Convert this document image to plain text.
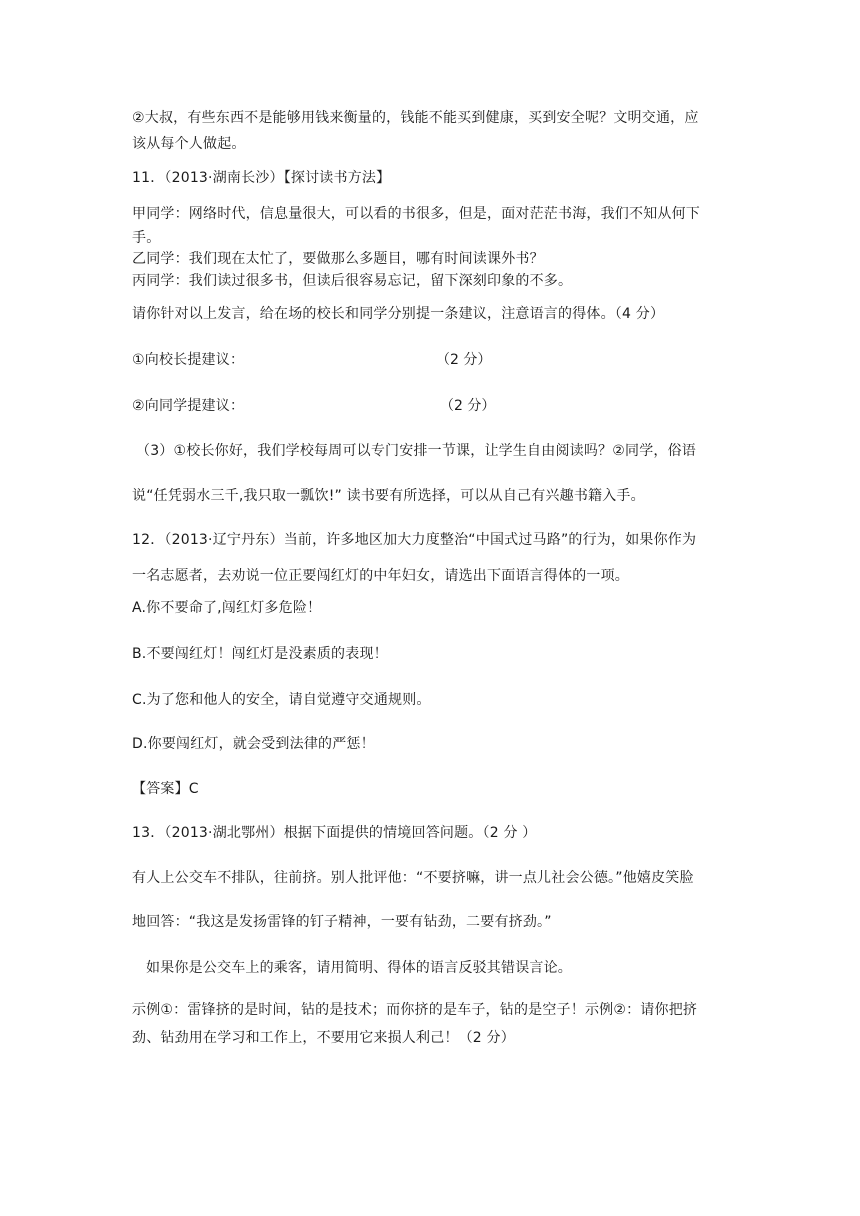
②大叔，有些东西不是能够用钱来衡量的，钱能不能买到健康，买到安全呢？文明交通，应
该从每个人做起。
11．（2013·湖南长沙）【探讨读书方法】
甲同学：网络时代，信息量很大，可以看的书很多，但是，面对茫茫书海，我们不知从何下
手。
乙同学：我们现在太忙了，要做那么多题目，哪有时间读课外书？
丙同学：我们读过很多书，但读后很容易忘记，留下深刻印象的不多。
请你针对以上发言，给在场的校长和同学分别提一条建议，注意语言的得体。（4 分）
①向校长提建议：	（2 分）
②向同学提建议：	（2 分）
（3）①校长你好，我们学校每周可以专门安排一节课，让学生自由阅读吗？②同学，俗语
说“任凭弱水三千,我只取一瓢饮!” 读书要有所选择，可以从自己有兴趣书籍入手。
12．（2013·辽宁丹东）当前，许多地区加大力度整治“中国式过马路”的行为，如果你作为
一名志愿者，去劝说一位正要闯红灯的中年妇女，请选出下面语言得体的一项。
A.你不要命了,闯红灯多危险！
B.不要闯红灯！闯红灯是没素质的表现！
C.为了您和他人的安全，请自觉遵守交通规则。
D.你要闯红灯，就会受到法律的严惩！
【答案】C
13．（2013·湖北鄂州）根据下面提供的情境回答问题。（2 分 ）
有人上公交车不排队，往前挤。别人批评他：“不要挤嘛，讲一点儿社会公德。”他嬉皮笑脸
地回答：“我这是发扬雷锋的钉子精神，一要有钻劲，二要有挤劲。”
如果你是公交车上的乘客，请用简明、得体的语言反驳其错误言论。
示例①：雷锋挤的是时间，钻的是技术；而你挤的是车子，钻的是空子！示例②：请你把挤
劲、钻劲用在学习和工作上，不要用它来损人利己！（2 分）
